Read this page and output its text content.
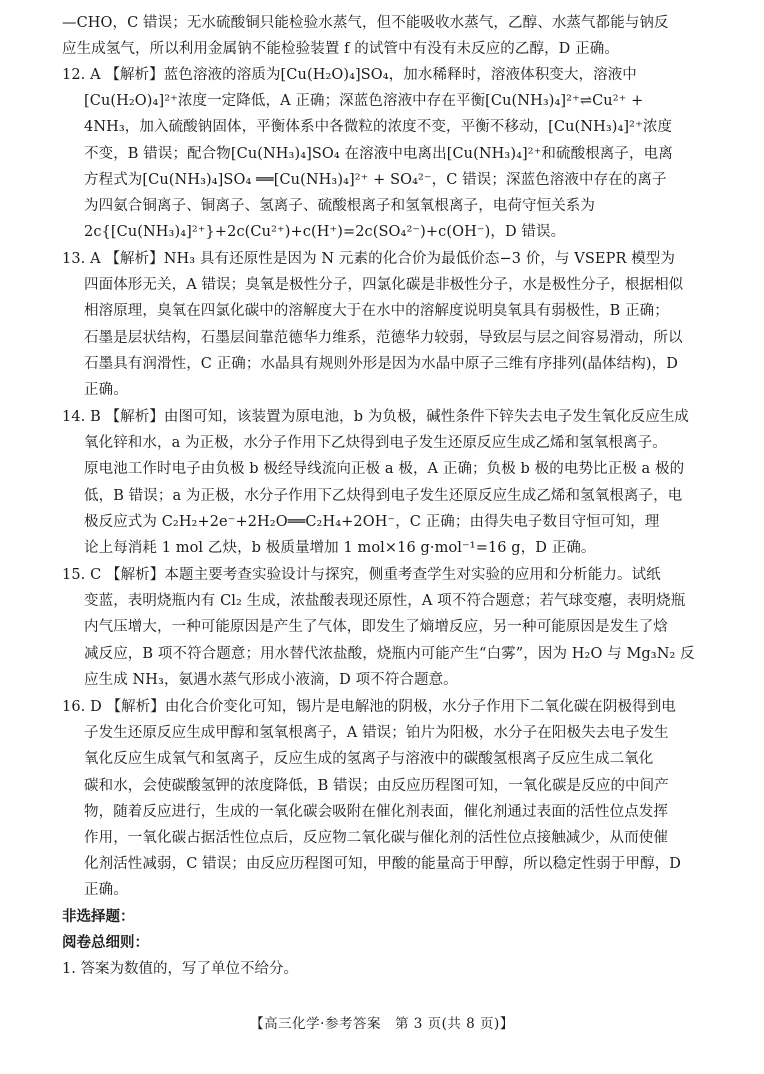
—CHO，C 错误；无水硫酸铜只能检验水蒸气，但不能吸收水蒸气，乙醇、水蒸气都能与钠反
应生成氢气，所以利用金属钠不能检验装置 f 的试管中有没有未反应的乙醇，D 正确。
12. A 【解析】蓝色溶液的溶质为[Cu(H₂O)₄]SO₄，加水稀释时，溶液体积变大，溶液中
[Cu(H₂O)₄]²⁺浓度一定降低，A 正确；深蓝色溶液中存在平衡[Cu(NH₃)₄]²⁺⇌Cu²⁺ +
4NH₃，加入硫酸钠固体，平衡体系中各微粒的浓度不变，平衡不移动，[Cu(NH₃)₄]²⁺浓度
不变，B 错误；配合物[Cu(NH₃)₄]SO₄ 在溶液中电离出[Cu(NH₃)₄]²⁺和硫酸根离子，电离
方程式为[Cu(NH₃)₄]SO₄ ══[Cu(NH₃)₄]²⁺ + SO₄²⁻，C 错误；深蓝色溶液中存在的离子
为四氨合铜离子、铜离子、氢离子、硫酸根离子和氢氧根离子，电荷守恒关系为
2c{[Cu(NH₃)₄]²⁺}+2c(Cu²⁺)+c(H⁺)=2c(SO₄²⁻)+c(OH⁻)，D 错误。
13. A 【解析】NH₃ 具有还原性是因为 N 元素的化合价为最低价态−3 价，与 VSEPR 模型为
四面体形无关，A 错误；臭氧是极性分子，四氯化碳是非极性分子，水是极性分子，根据相似
相溶原理，臭氧在四氯化碳中的溶解度大于在水中的溶解度说明臭氧具有弱极性，B 正确；
石墨是层状结构，石墨层间靠范德华力维系，范德华力较弱，导致层与层之间容易滑动，所以
石墨具有润滑性，C 正确；水晶具有规则外形是因为水晶中原子三维有序排列(晶体结构)，D
正确。
14. B 【解析】由图可知，该装置为原电池，b 为负极，碱性条件下锌失去电子发生氧化反应生成
氧化锌和水，a 为正极，水分子作用下乙炔得到电子发生还原反应生成乙烯和氢氧根离子。
原电池工作时电子由负极 b 极经导线流向正极 a 极，A 正确；负极 b 极的电势比正极 a 极的
低，B 错误；a 为正极，水分子作用下乙炔得到电子发生还原反应生成乙烯和氢氧根离子，电
极反应式为 C₂H₂+2e⁻+2H₂O══C₂H₄+2OH⁻，C 正确；由得失电子数目守恒可知，理
论上每消耗 1 mol 乙炔，b 极质量增加 1 mol×16 g·mol⁻¹=16 g，D 正确。
15. C 【解析】本题主要考查实验设计与探究，侧重考查学生对实验的应用和分析能力。试纸
变蓝，表明烧瓶内有 Cl₂ 生成，浓盐酸表现还原性，A 项不符合题意；若气球变瘪，表明烧瓶
内气压增大，一种可能原因是产生了气体，即发生了熵增反应，另一种可能原因是发生了焓
减反应，B 项不符合题意；用水替代浓盐酸，烧瓶内可能产生“白雾”，因为 H₂O 与 Mg₃N₂ 反
应生成 NH₃，氨遇水蒸气形成小液滴，D 项不符合题意。
16. D 【解析】由化合价变化可知，锡片是电解池的阴极，水分子作用下二氧化碳在阴极得到电
子发生还原反应生成甲醇和氢氧根离子，A 错误；铂片为阳极，水分子在阳极失去电子发生
氧化反应生成氧气和氢离子，反应生成的氢离子与溶液中的碳酸氢根离子反应生成二氧化
碳和水，会使碳酸氢钾的浓度降低，B 错误；由反应历程图可知，一氧化碳是反应的中间产
物，随着反应进行，生成的一氧化碳会吸附在催化剂表面，催化剂通过表面的活性位点发挥
作用，一氧化碳占据活性位点后，反应物二氧化碳与催化剂的活性位点接触减少，从而使催
化剂活性减弱，C 错误；由反应历程图可知，甲酸的能量高于甲醇，所以稳定性弱于甲醇，D
正确。
非选择题：
阅卷总细则：
1. 答案为数值的，写了单位不给分。
【高三化学·参考答案　第 3 页(共 8 页)】
